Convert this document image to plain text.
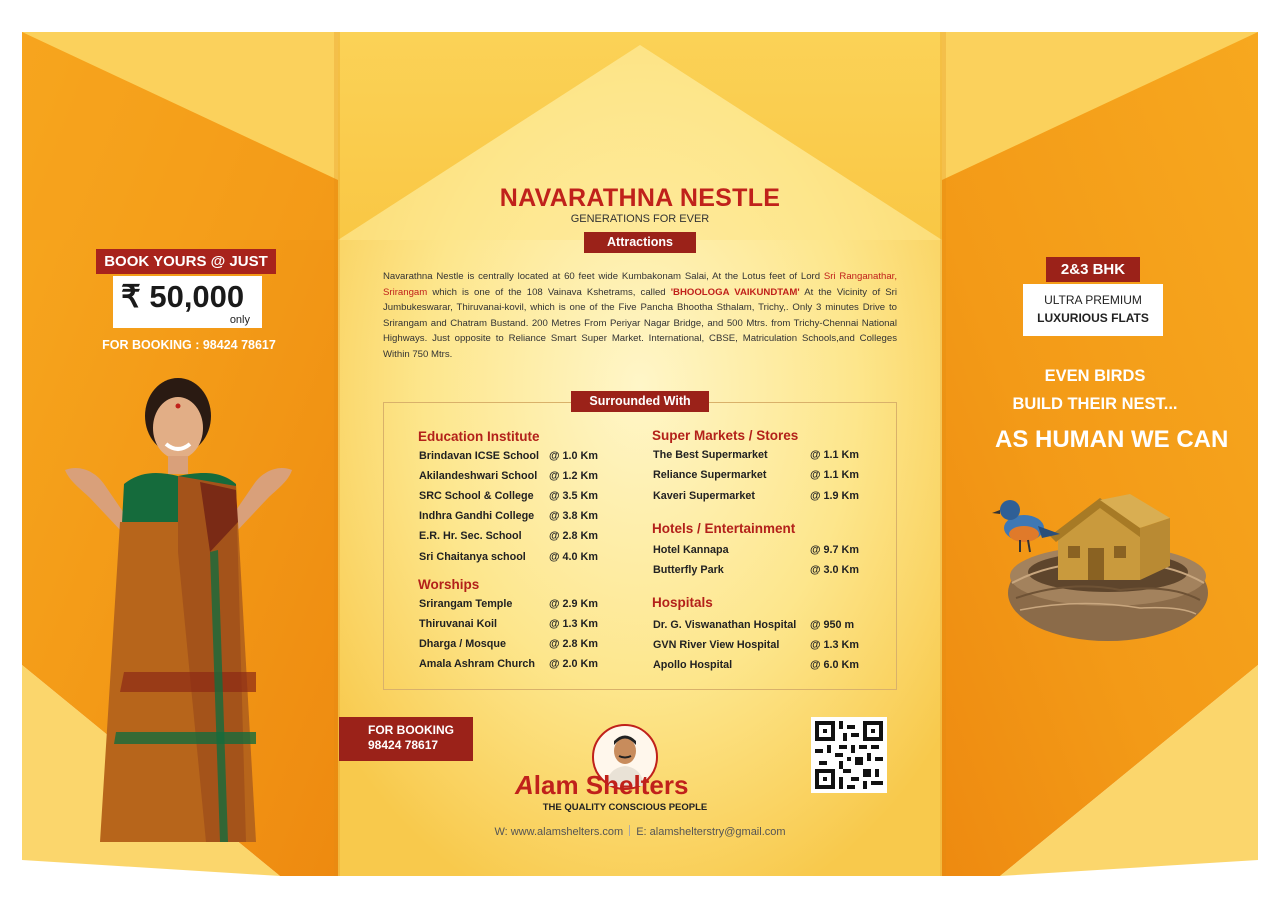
BOOK YOURS @ JUST
₹ 50,000
only
FOR BOOKING : 98424 78617
NAVARATHNA NESTLE
GENERATIONS FOR EVER
Attractions
Navarathna Nestle is centrally located at 60 feet wide Kumbakonam Salai, At the Lotus feet of Lord Sri Ranganathar, Srirangam which is one of the 108 Vainava Kshetrams, called 'BHOOLOGA VAIKUNDTAM' At the Vicinity of Sri Jumbukeswarar, Thiruvanai-kovil, which is one of the Five Pancha Bhootha Sthalam, Trichy,. Only 3 minutes Drive to Srirangam and Chatram Bustand. 200 Metres From Periyar Nagar Bridge, and 500 Mtrs. from Trichy-Chennai National Highways. Just opposite to Reliance Smart Super Market. International, CBSE, Matriculation Schools,and Colleges Within 750 Mtrs.
Surrounded With
Education Institute
Brindavan ICSE School @ 1.0 Km
Akilandeshwari School @ 1.2 Km
SRC School & College @ 3.5 Km
Indhra Gandhi College @ 3.8 Km
E.R. Hr. Sec. School	@ 2.8 Km
Sri Chaitanya school @ 4.0 Km
Worships
Srirangam Temple	@ 2.9 Km
Thiruvanai Koil	@ 1.3 Km
Dharga / Mosque	@ 2.8 Km
Amala Ashram Church @ 2.0 Km
Super Markets / Stores
The Best Supermarket	@ 1.1 Km
Reliance Supermarket	@ 1.1 Km
Kaveri Supermarket	@ 1.9 Km
Hotels / Entertainment
Hotel Kannapa	@ 9.7 Km
Butterfly Park	@ 3.0 Km
Hospitals
Dr. G. Viswanathan Hospital @ 950 m
GVN River View Hospital	@ 1.3 Km
Apollo Hospital	@ 6.0 Km
FOR BOOKING
98424 78617
Alam Shelters
THE QUALITY CONSCIOUS PEOPLE
W: www.alamshelters.com E: alamshelterstry@gmail.com
2&3 BHK
ULTRA PREMIUM
LUXURIOUS FLATS
EVEN BIRDS
BUILD THEIR NEST...
AS HUMAN WE CAN
